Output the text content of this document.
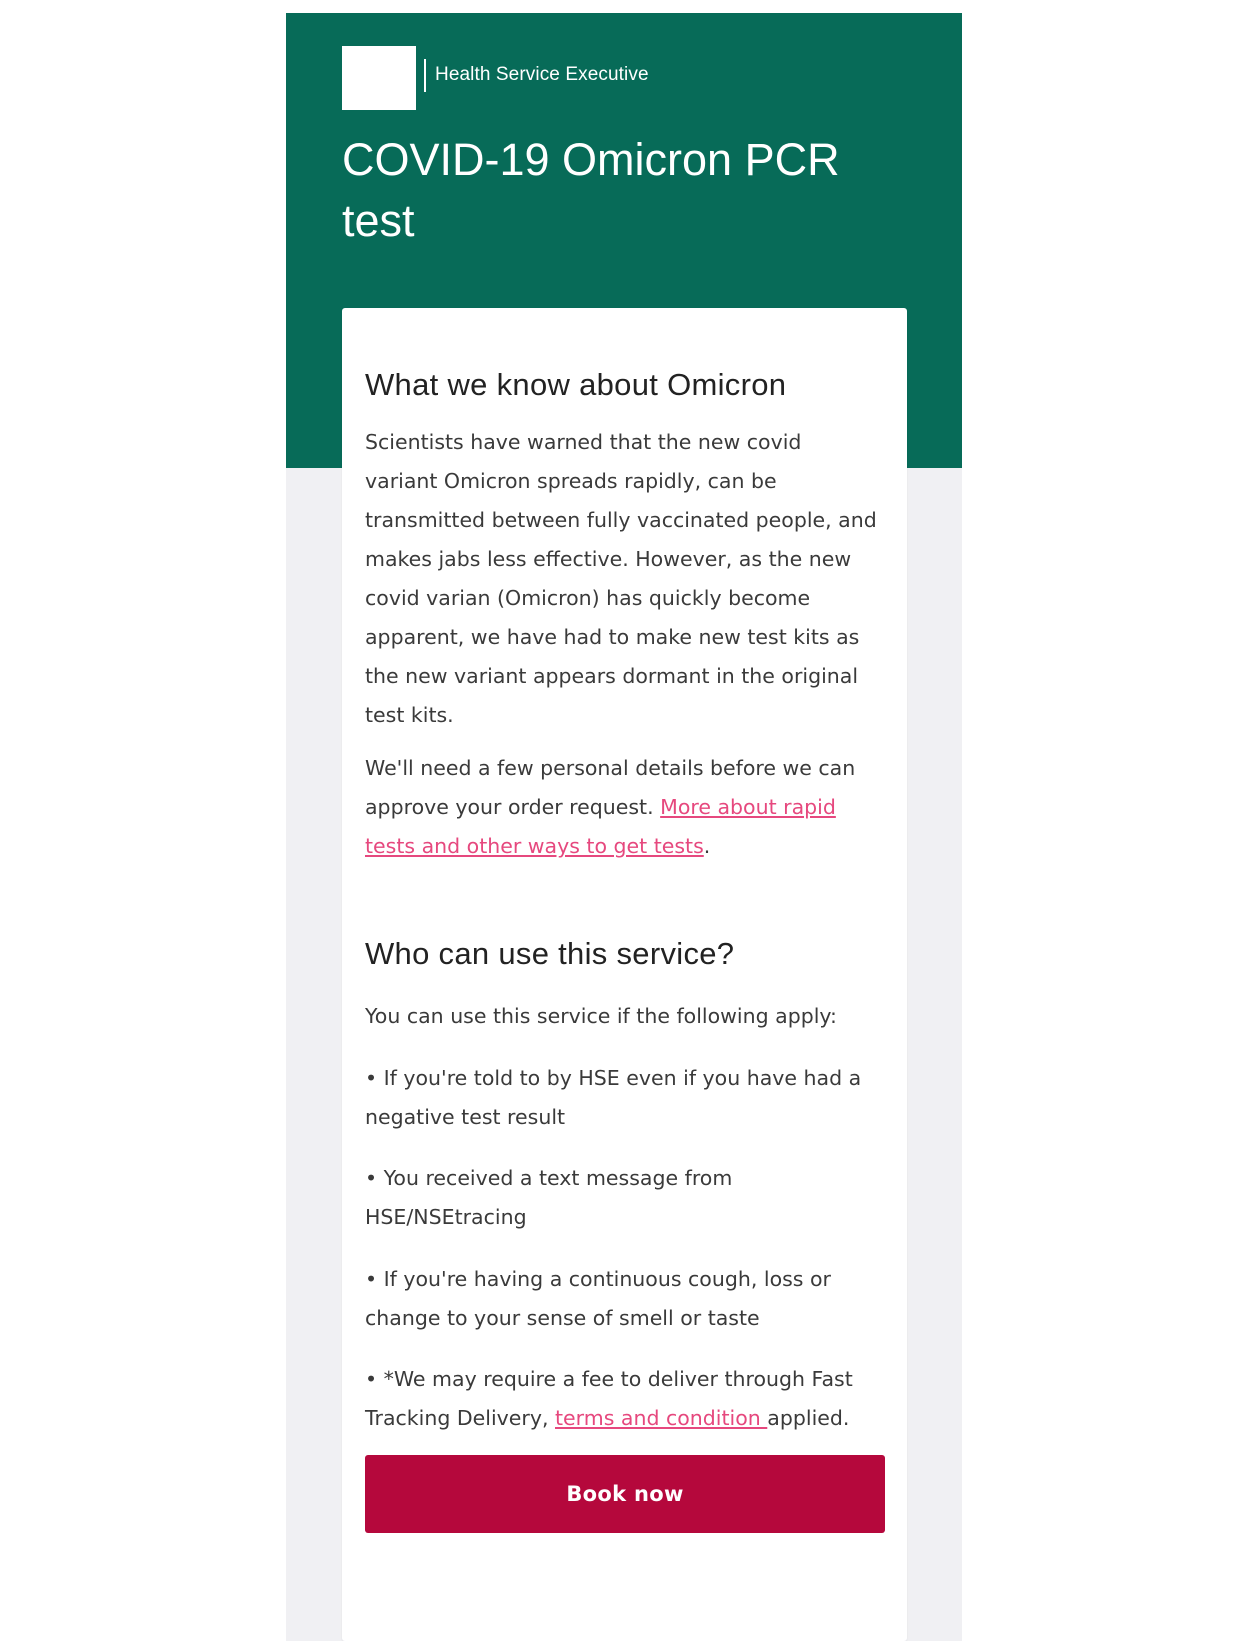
Health Service Executive
COVID-19 Omicron PCR test
What we know about Omicron

Scientists have warned that the new covid variant Omicron spreads rapidly, can be transmitted between fully vaccinated people, and makes jabs less effective. However, as the new covid varian (Omicron) has quickly become apparent, we have had to make new test kits as the new variant appears dormant in the original test kits.

We'll need a few personal details before we can approve your order request. More about rapid tests and other ways to get tests.

Who can use this service?

You can use this service if the following apply:

• If you're told to by HSE even if you have had a negative test result

• You received a text message from HSE/NSEtracing

• If you're having a continuous cough, loss or change to your sense of smell or taste

• *We may require a fee to deliver through Fast Tracking Delivery, terms and condition applied.

Book now
